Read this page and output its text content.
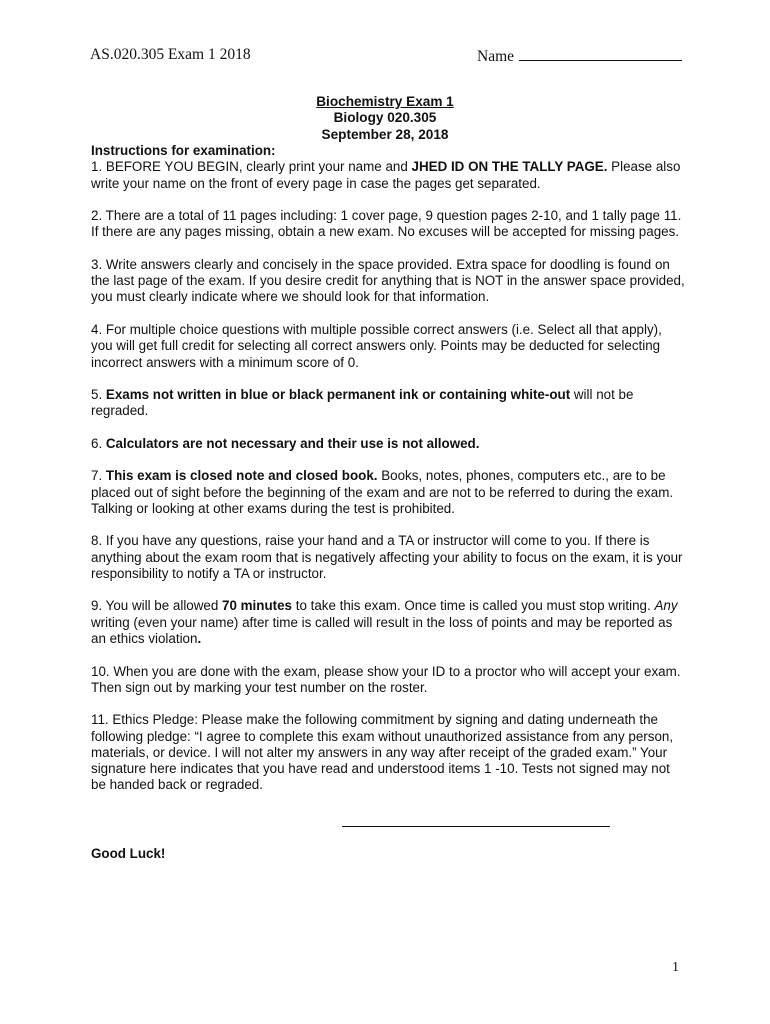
AS.020.305 Exam 1 2018	Name
Biochemistry Exam 1
Biology 020.305
September 28, 2018

Instructions for examination:

1. BEFORE YOU BEGIN, clearly print your name and JHED ID ON THE TALLY PAGE. Please also write your name on the front of every page in case the pages get separated.

2. There are a total of 11 pages including: 1 cover page, 9 question pages 2-10, and 1 tally page 11. If there are any pages missing, obtain a new exam. No excuses will be accepted for missing pages.

3. Write answers clearly and concisely in the space provided. Extra space for doodling is found on the last page of the exam. If you desire credit for anything that is NOT in the answer space provided, you must clearly indicate where we should look for that information.

4. For multiple choice questions with multiple possible correct answers (i.e. Select all that apply), you will get full credit for selecting all correct answers only. Points may be deducted for selecting incorrect answers with a minimum score of 0.

5. Exams not written in blue or black permanent ink or containing white-out will not be regraded.

6. Calculators are not necessary and their use is not allowed.

7. This exam is closed note and closed book. Books, notes, phones, computers etc., are to be placed out of sight before the beginning of the exam and are not to be referred to during the exam. Talking or looking at other exams during the test is prohibited.

8. If you have any questions, raise your hand and a TA or instructor will come to you. If there is anything about the exam room that is negatively affecting your ability to focus on the exam, it is your responsibility to notify a TA or instructor.

9. You will be allowed 70 minutes to take this exam. Once time is called you must stop writing. Any writing (even your name) after time is called will result in the loss of points and may be reported as an ethics violation.

10. When you are done with the exam, please show your ID to a proctor who will accept your exam. Then sign out by marking your test number on the roster.

11. Ethics Pledge: Please make the following commitment by signing and dating underneath the following pledge: “I agree to complete this exam without unauthorized assistance from any person, materials, or device. I will not alter my answers in any way after receipt of the graded exam.” Your signature here indicates that you have read and understood items 1 -10. Tests not signed may not be handed back or regraded.

Good Luck!
1
